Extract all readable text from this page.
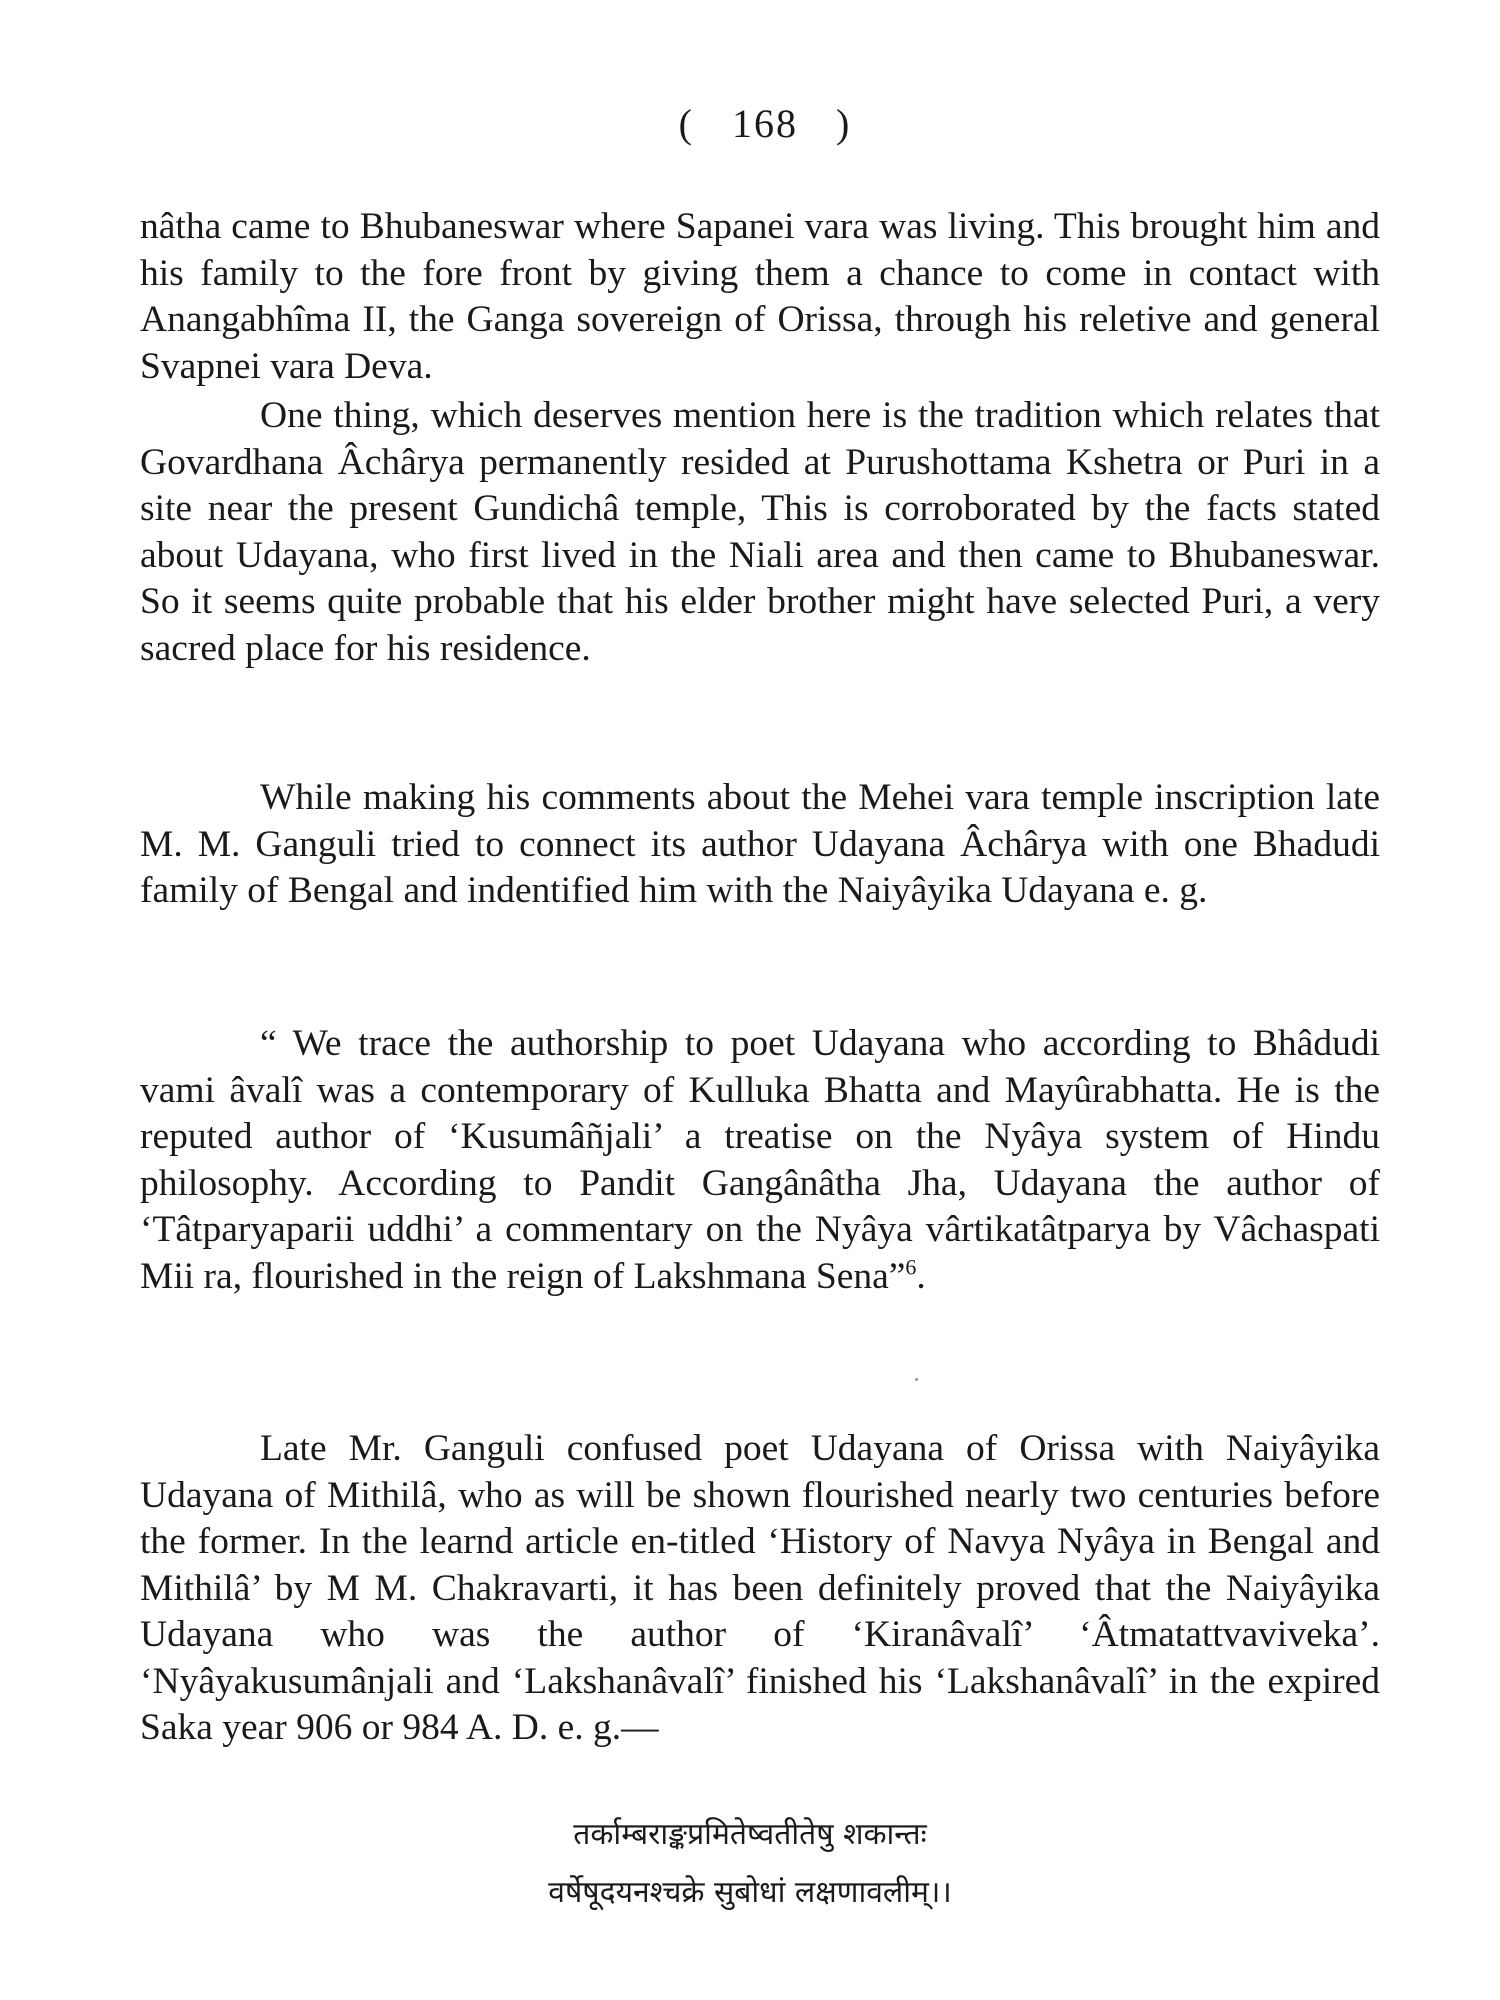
( 168 )

nâtha came to Bhubaneswar where Sapanei vara was living. This brought him and his family to the fore front by giving them a chance to come in contact with Anangabhîma II, the Ganga sovereign of Orissa, through his reletive and general Svapnei vara Deva.

One thing, which deserves mention here is the tradition which relates that Govardhana Âchârya permanently resided at Purushottama Kshetra or Puri in a site near the present Gundichâ temple, This is corroborated by the facts stated about Udayana, who first lived in the Niali area and then came to Bhubaneswar. So it seems quite probable that his elder brother might have selected Puri, a very sacred place for his residence.

While making his comments about the Mehei vara temple inscription late M. M. Ganguli tried to connect its author Udayana Âchârya with one Bhadudi family of Bengal and indentified him with the Naiyâyika Udayana e. g.

“ We trace the authorship to poet Udayana who according to Bhâdudi vami âvalî was a contemporary of Kulluka Bhatta and Mayûrabhatta. He is the reputed author of ‘Kusumâñjali’ a treatise on the Nyâya system of Hindu philosophy. According to Pandit Gangânâtha Jha, Udayana the author of ‘Tâtparyaparii uddhi’ a commentary on the Nyâya vârtikatâtparya by Vâchaspati Mii ra, flourished in the reign of Lakshmana Sena”$^6$.

Late Mr. Ganguli confused poet Udayana of Orissa with Naiyâyika Udayana of Mithilâ, who as will be shown flourished nearly two centuries before the former. In the learnd article en-titled ‘History of Navya Nyâya in Bengal and Mithilâ’ by M M. Chakravarti, it has been definitely proved that the Naiyâyika Udayana who was the author of ‘Kiranâvalî’ ‘Âtmatattvaviveka’. ‘Nyâyakusumânjali and ‘Lakshanâvalî’ finished his ‘Lakshanâvalî’ in the expired Saka year 906 or 984 A. D. e. g.—

तर्काम्बराङ्कप्रमितेष्वतीतेषु शकान्तः
वर्षेषूदयनश्चक्रे सुबोधां लक्षणावलीम्।।
